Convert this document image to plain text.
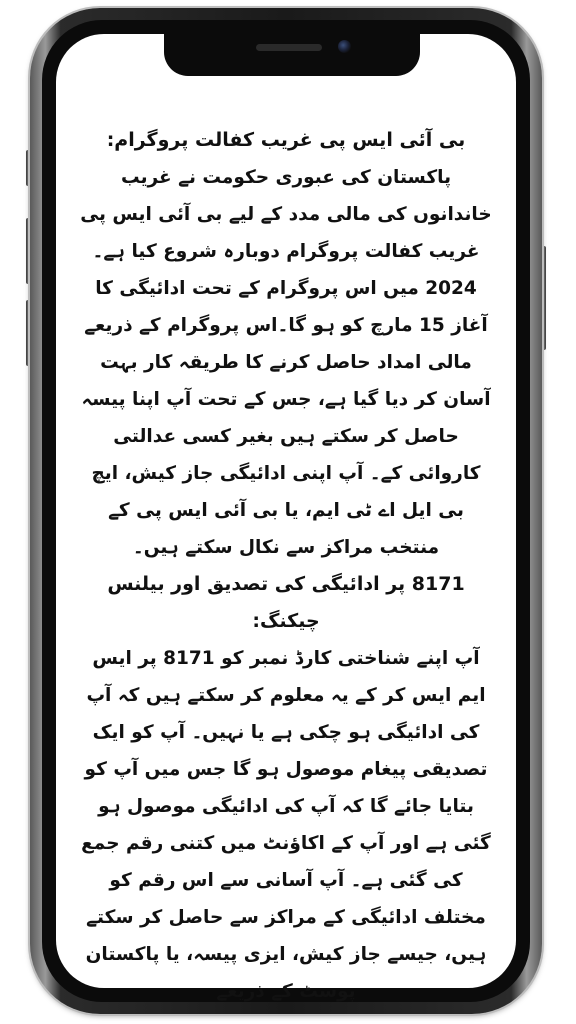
بی آئی ایس پی غریب کفالت پروگرام:

پاکستان کی عبوری حکومت نے غریب خاندانوں کی مالی مدد کے لیے بی آئی ایس پی غریب کفالت پروگرام دوبارہ شروع کیا ہے۔2024 میں اس پروگرام کے تحت ادائیگی کا آغاز 15 مارچ کو ہو گا۔اس پروگرام کے ذریعے مالی امداد حاصل کرنے کا طریقہ کار بہت آسان کر دیا گیا ہے، جس کے تحت آپ اپنا پیسہ حاصل کر سکتے ہیں بغیر کسی عدالتی کاروائی کے۔ آپ اپنی ادائیگی جاز کیش، ایچ بی ایل اے ٹی ایم، یا بی آئی ایس پی کے منتخب مراکز سے نکال سکتے ہیں۔

8171 پر ادائیگی کی تصدیق اور بیلنس چیکنگ:

آپ اپنے شناختی کارڈ نمبر کو 8171 پر ایس ایم ایس کر کے یہ معلوم کر سکتے ہیں کہ آپ کی ادائیگی ہو چکی ہے یا نہیں۔ آپ کو ایک تصدیقی پیغام موصول ہو گا جس میں آپ کو بتایا جائے گا کہ آپ کی ادائیگی موصول ہو گئی ہے اور آپ کے اکاؤنٹ میں کتنی رقم جمع کی گئی ہے۔ آپ آسانی سے اس رقم کو مختلف ادائیگی کے مراکز سے حاصل کر سکتے ہیں، جیسے جاز کیش، ایزی پیسہ، یا پاکستان پوسٹ کے ذریعے
